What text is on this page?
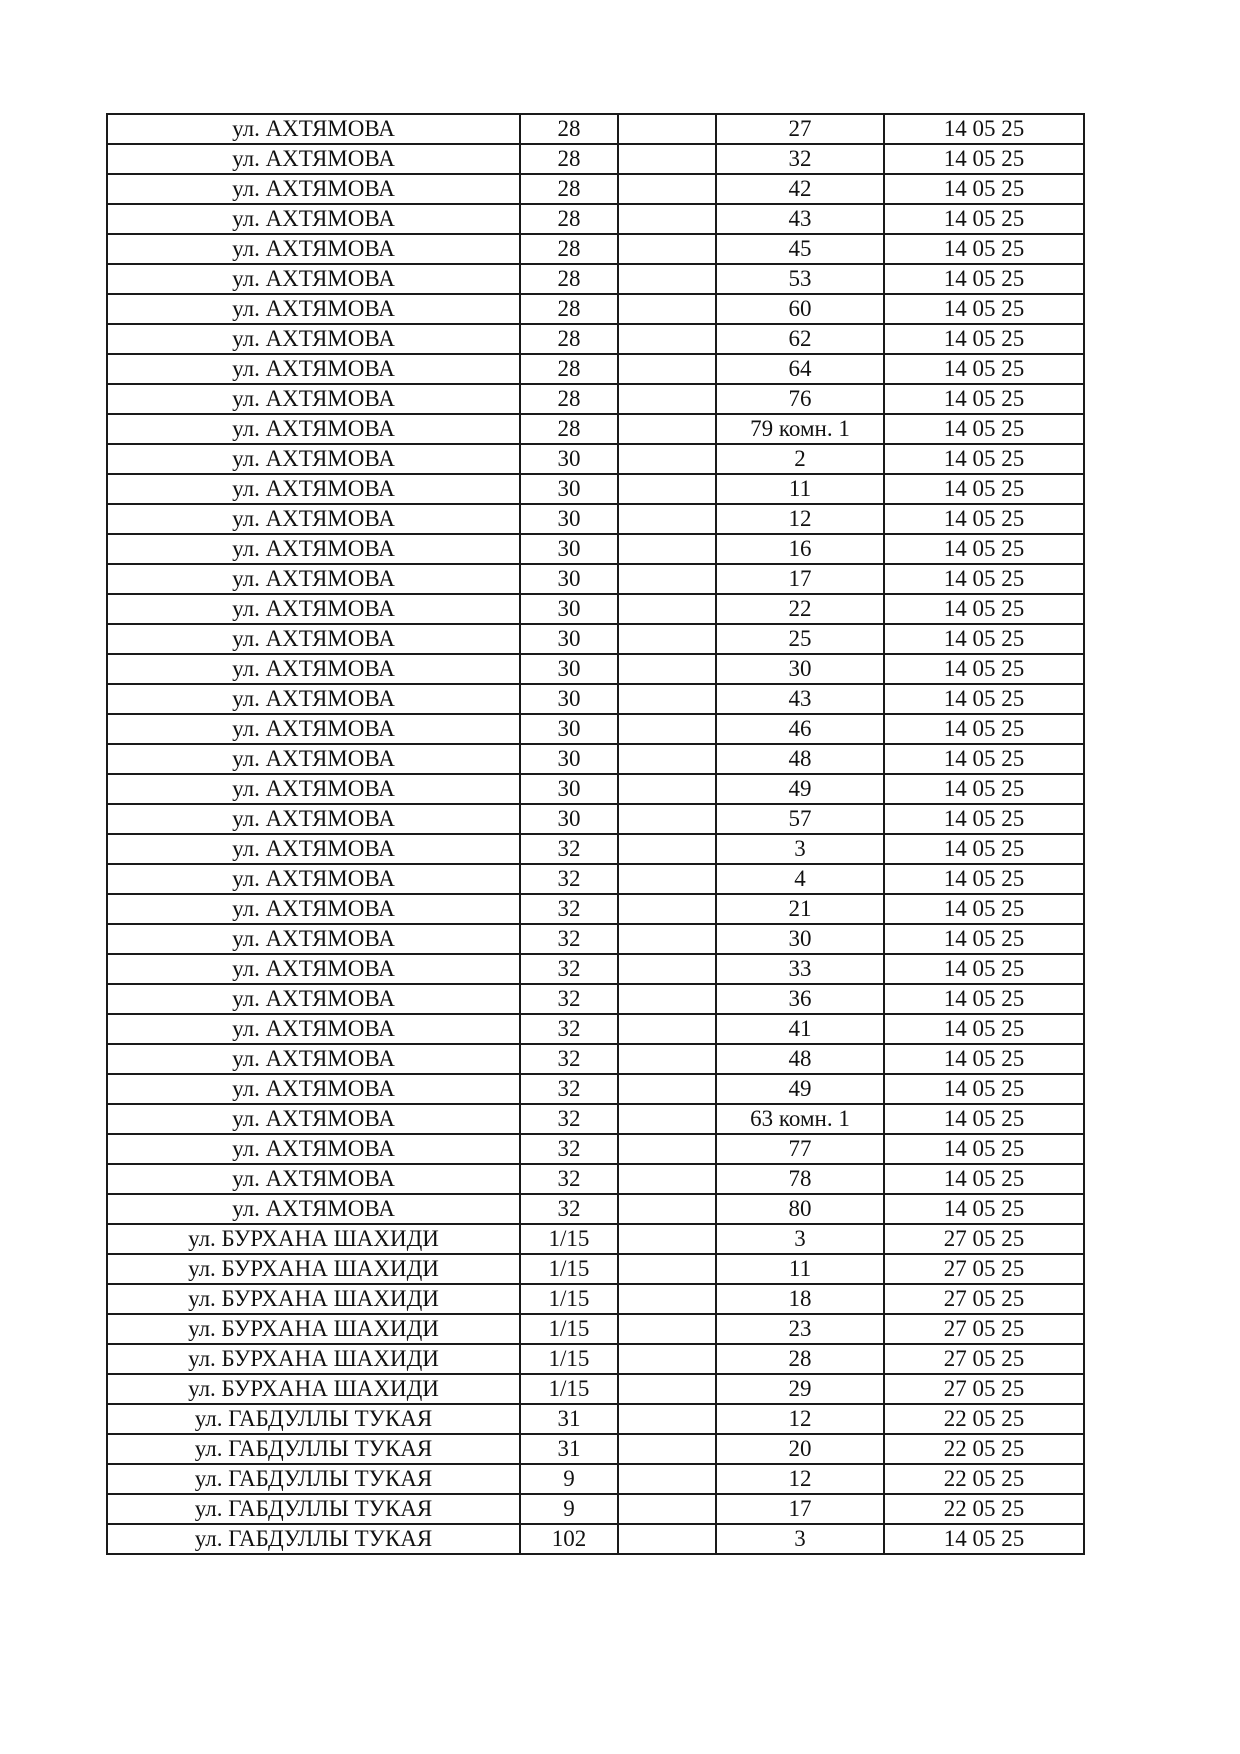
ул. АХТЯМОВА	28		27	14 05 25
ул. АХТЯМОВА	28		32	14 05 25
ул. АХТЯМОВА	28		42	14 05 25
ул. АХТЯМОВА	28		43	14 05 25
ул. АХТЯМОВА	28		45	14 05 25
ул. АХТЯМОВА	28		53	14 05 25
ул. АХТЯМОВА	28		60	14 05 25
ул. АХТЯМОВА	28		62	14 05 25
ул. АХТЯМОВА	28		64	14 05 25
ул. АХТЯМОВА	28		76	14 05 25
ул. АХТЯМОВА	28		79 комн. 1	14 05 25
ул. АХТЯМОВА	30		2	14 05 25
ул. АХТЯМОВА	30		11	14 05 25
ул. АХТЯМОВА	30		12	14 05 25
ул. АХТЯМОВА	30		16	14 05 25
ул. АХТЯМОВА	30		17	14 05 25
ул. АХТЯМОВА	30		22	14 05 25
ул. АХТЯМОВА	30		25	14 05 25
ул. АХТЯМОВА	30		30	14 05 25
ул. АХТЯМОВА	30		43	14 05 25
ул. АХТЯМОВА	30		46	14 05 25
ул. АХТЯМОВА	30		48	14 05 25
ул. АХТЯМОВА	30		49	14 05 25
ул. АХТЯМОВА	30		57	14 05 25
ул. АХТЯМОВА	32		3	14 05 25
ул. АХТЯМОВА	32		4	14 05 25
ул. АХТЯМОВА	32		21	14 05 25
ул. АХТЯМОВА	32		30	14 05 25
ул. АХТЯМОВА	32		33	14 05 25
ул. АХТЯМОВА	32		36	14 05 25
ул. АХТЯМОВА	32		41	14 05 25
ул. АХТЯМОВА	32		48	14 05 25
ул. АХТЯМОВА	32		49	14 05 25
ул. АХТЯМОВА	32		63 комн. 1	14 05 25
ул. АХТЯМОВА	32		77	14 05 25
ул. АХТЯМОВА	32		78	14 05 25
ул. АХТЯМОВА	32		80	14 05 25
ул. БУРХАНА ШАХИДИ	1/15		3	27 05 25
ул. БУРХАНА ШАХИДИ	1/15		11	27 05 25
ул. БУРХАНА ШАХИДИ	1/15		18	27 05 25
ул. БУРХАНА ШАХИДИ	1/15		23	27 05 25
ул. БУРХАНА ШАХИДИ	1/15		28	27 05 25
ул. БУРХАНА ШАХИДИ	1/15		29	27 05 25
ул. ГАБДУЛЛЫ ТУКАЯ	31		12	22 05 25
ул. ГАБДУЛЛЫ ТУКАЯ	31		20	22 05 25
ул. ГАБДУЛЛЫ ТУКАЯ	9		12	22 05 25
ул. ГАБДУЛЛЫ ТУКАЯ	9		17	22 05 25
ул. ГАБДУЛЛЫ ТУКАЯ	102		3	14 05 25
